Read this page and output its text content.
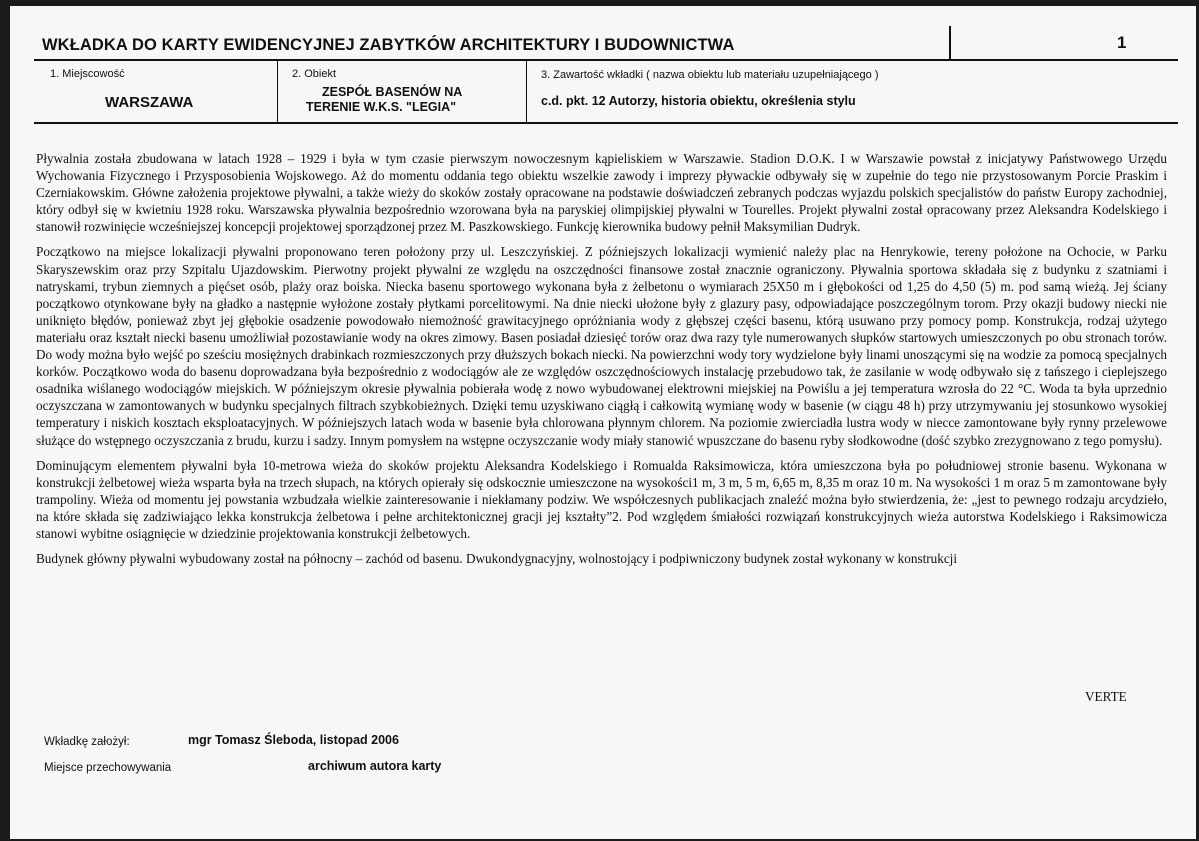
WKŁADKA DO KARTY EWIDENCYJNEJ ZABYTKÓW ARCHITEKTURY I BUDOWNICTWA	1
1. Miejscowość
WARSZAWA
2. Obiekt
ZESPÓŁ BASENÓW NA
TERENIE W.K.S. "LEGIA"
3. Zawartość wkładki ( nazwa obiektu lub materiału uzupełniającego )
c.d. pkt. 12 Autorzy, historia obiektu, określenia stylu

Pływalnia została zbudowana w latach 1928 – 1929 i była w tym czasie pierwszym nowoczesnym kąpieliskiem w Warszawie. Stadion D.O.K. I w Warszawie powstał z inicjatywy Państwowego Urzędu Wychowania Fizycznego i Przysposobienia Wojskowego. Aż do momentu oddania tego obiektu wszelkie zawody i imprezy pływackie odbywały się w zupełnie do tego nie przystosowanym Porcie Praskim i Czerniakowskim. Główne założenia projektowe pływalni, a także wieży do skoków zostały opracowane na podstawie doświadczeń zebranych podczas wyjazdu polskich specjalistów do państw Europy zachodniej, który odbył się w kwietniu 1928 roku. Warszawska pływalnia bezpośrednio wzorowana była na paryskiej olimpijskiej pływalni w Tourelles. Projekt pływalni został opracowany przez Aleksandra Kodelskiego i stanowił rozwinięcie wcześniejszej koncepcji projektowej sporządzonej przez M. Paszkowskiego. Funkcję kierownika budowy pełnił Maksymilian Dudryk.

Początkowo na miejsce lokalizacji pływalni proponowano teren położony przy ul. Leszczyńskiej. Z późniejszych lokalizacji wymienić należy plac na Henrykowie, tereny położone na Ochocie, w Parku Skaryszewskim oraz przy Szpitalu Ujazdowskim. Pierwotny projekt pływalni ze względu na oszczędności finansowe został znacznie ograniczony. Pływalnia sportowa składała się z budynku z szatniami i natryskami, trybun ziemnych a pięćset osób, plaży oraz boiska. Niecka basenu sportowego wykonana była z żelbetonu o wymiarach 25X50 m i głębokości od 1,25 do 4,50 (5) m. pod samą wieżą. Jej ściany początkowo otynkowane były na gładko a następnie wyłożone zostały płytkami porcelitowymi. Na dnie niecki ułożone były z glazury pasy, odpowiadające poszczególnym torom. Przy okazji budowy niecki nie uniknięto błędów, ponieważ zbyt jej głębokie osadzenie powodowało niemożność grawitacyjnego opróżniania wody z głębszej części basenu, którą usuwano przy pomocy pomp. Konstrukcja, rodzaj użytego materiału oraz kształt niecki basenu umożliwiał pozostawianie wody na okres zimowy. Basen posiadał dziesięć torów oraz dwa razy tyle numerowanych słupków startowych umieszczonych po obu stronach torów. Do wody można było wejść po sześciu mosiężnych drabinkach rozmieszczonych przy dłuższych bokach niecki. Na powierzchni wody tory wydzielone były linami unoszącymi się na wodzie za pomocą specjalnych korków. Początkowo woda do basenu doprowadzana była bezpośrednio z wodociągów ale ze względów oszczędnościowych instalację przebudowo tak, że zasilanie w wodę odbywało się z tańszego i cieplejszego osadnika wiślanego wodociągów miejskich. W późniejszym okresie pływalnia pobierała wodę z nowo wybudowanej elektrowni miejskiej na Powiślu a jej temperatura wzrosła do 22 °C. Woda ta była uprzednio oczyszczana w zamontowanych w budynku specjalnych filtrach szybkobieżnych. Dzięki temu uzyskiwano ciągłą i całkowitą wymianę wody w basenie (w ciągu 48 h) przy utrzymywaniu jej stosunkowo wysokiej temperatury i niskich kosztach eksploatacyjnych. W późniejszych latach woda w basenie była chlorowana płynnym chlorem. Na poziomie zwierciadła lustra wody w niecce zamontowane były rynny przelewowe służące do wstępnego oczyszczania z brudu, kurzu i sadzy. Innym pomysłem na wstępne oczyszczanie wody miały stanowić wpuszczane do basenu ryby słodkowodne (dość szybko zrezygnowano z tego pomysłu).

Dominującym elementem pływalni była 10-metrowa wieża do skoków projektu Aleksandra Kodelskiego i Romualda Raksimowicza, która umieszczona była po południowej stronie basenu. Wykonana w konstrukcji żelbetowej wieża wsparta była na trzech słupach, na których opierały się odskocznie umieszczone na wysokości1 m, 3 m, 5 m, 6,65 m, 8,35 m oraz 10 m. Na wysokości 1 m oraz 5 m zamontowane były trampoliny. Wieża od momentu jej powstania wzbudzała wielkie zainteresowanie i niekłamany podziw. We współczesnych publikacjach znaleźć można było stwierdzenia, że: „jest to pewnego rodzaju arcydzieło, na które składa się zadziwiająco lekka konstrukcja żelbetowa i pełne architektonicznej gracji jej kształty”2. Pod względem śmiałości rozwiązań konstrukcyjnych wieża autorstwa Kodelskiego i Raksimowicza stanowi wybitne osiągnięcie w dziedzinie projektowania konstrukcji żelbetowych.

Budynek główny pływalni wybudowany został na północny – zachód od basenu. Dwukondygnacyjny, wolnostojący i podpiwniczony budynek został wykonany w konstrukcji

VERTE
Wkładkę założył:	mgr Tomasz Śleboda, listopad 2006
Miejsce przechowywania	archiwum autora karty
